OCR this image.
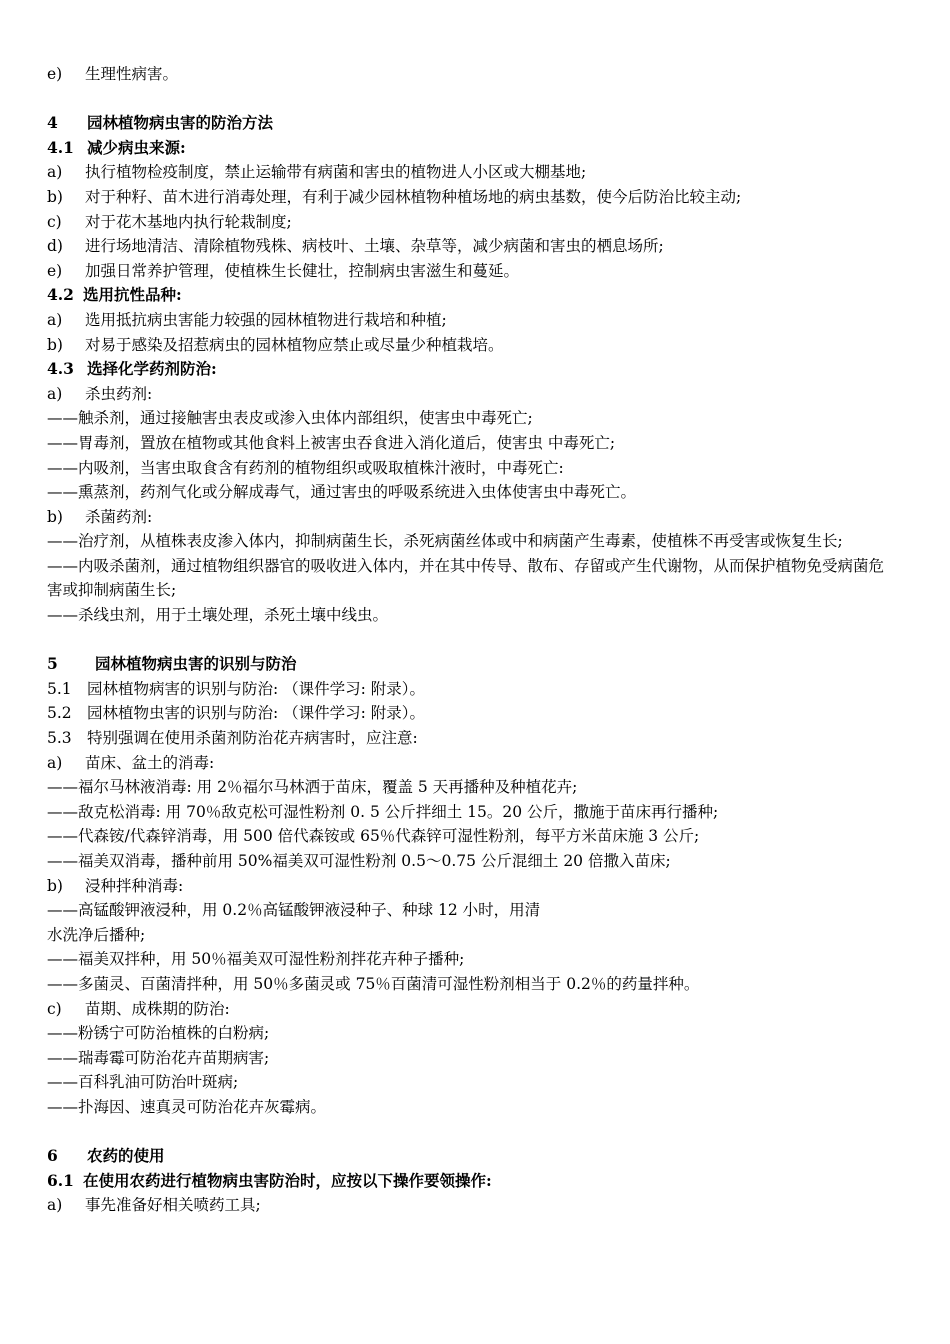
e) 生理性病害。
4 园林植物病虫害的防治方法
4.1 减少病虫来源:
a) 执行植物检疫制度，禁止运输带有病菌和害虫的植物进人小区或大棚基地;
b) 对于种籽、苗木进行消毒处理，有利于减少园林植物种植场地的病虫基数，使今后防治比较主动;
c) 对于花木基地内执行轮栽制度;
d) 进行场地清洁、清除植物残株、病枝叶、土壤、杂草等，减少病菌和害虫的栖息场所;
e) 加强日常养护管理，使植株生长健壮，控制病虫害滋生和蔓延。
4.2 选用抗性品种:
a) 选用抵抗病虫害能力较强的园林植物进行栽培和种植;
b) 对易于感染及招惹病虫的园林植物应禁止或尽量少种植栽培。
4.3 选择化学药剂防治:
a) 杀虫药剂:
——触杀剂，通过接触害虫表皮或渗入虫体内部组织，使害虫中毒死亡;
——胃毒剂，置放在植物或其他食料上被害虫吞食进入消化道后，使害虫 中毒死亡;
——内吸剂，当害虫取食含有药剂的植物组织或吸取植株汁液时，中毒死亡:
——熏蒸剂，药剂气化或分解成毒气，通过害虫的呼吸系统进入虫体使害虫中毒死亡。
b) 杀菌药剂:
——治疗剂，从植株表皮渗入体内，抑制病菌生长，杀死病菌丝体或中和病菌产生毒素，使植株不再受害或恢复生长;
——内吸杀菌剂，通过植物组织器官的吸收进入体内，并在其中传导、散布、存留或产生代谢物，从而保护植物免受病菌危害或抑制病菌生长;
——杀线虫剂，用于土壤处理，杀死土壤中线虫。
5 园林植物病虫害的识别与防治
5.1 园林植物病害的识别与防治: （课件学习: 附录）。
5.2 园林植物虫害的识别与防治: （课件学习: 附录）。
5.3 特别强调在使用杀菌剂防治花卉病害时，应注意:
a) 苗床、盆土的消毒:
——福尔马林液消毒: 用 2％福尔马林洒于苗床，覆盖 5 天再播种及种植花卉;
——敌克松消毒: 用 70％敌克松可湿性粉剂 0. 5 公斤拌细土 15。20 公斤，撒施于苗床再行播种;
——代森铵/代森锌消毒，用 500 倍代森铵或 65％代森锌可湿性粉剂，每平方米苗床施 3 公斤;
——福美双消毒，播种前用 50%福美双可湿性粉剂 0.5～0.75 公斤混细土 20 倍撒入苗床;
b) 浸种拌种消毒:
——高锰酸钾液浸种，用 0.2％高锰酸钾液浸种子、种球 12 小时，用清
水洗净后播种;
——福美双拌种，用 50％福美双可湿性粉剂拌花卉种子播种;
——多菌灵、百菌清拌种，用 50％多菌灵或 75％百菌清可湿性粉剂相当于 0.2％的药量拌种。
c) 苗期、成株期的防治:
——粉锈宁可防治植株的白粉病;
——瑞毒霉可防治花卉苗期病害;
——百科乳油可防治叶斑病;
——扑海因、速真灵可防治花卉灰霉病。
6 农药的使用
6.1 在使用农药进行植物病虫害防治时，应按以下操作要领操作:
a) 事先准备好相关喷药工具;
